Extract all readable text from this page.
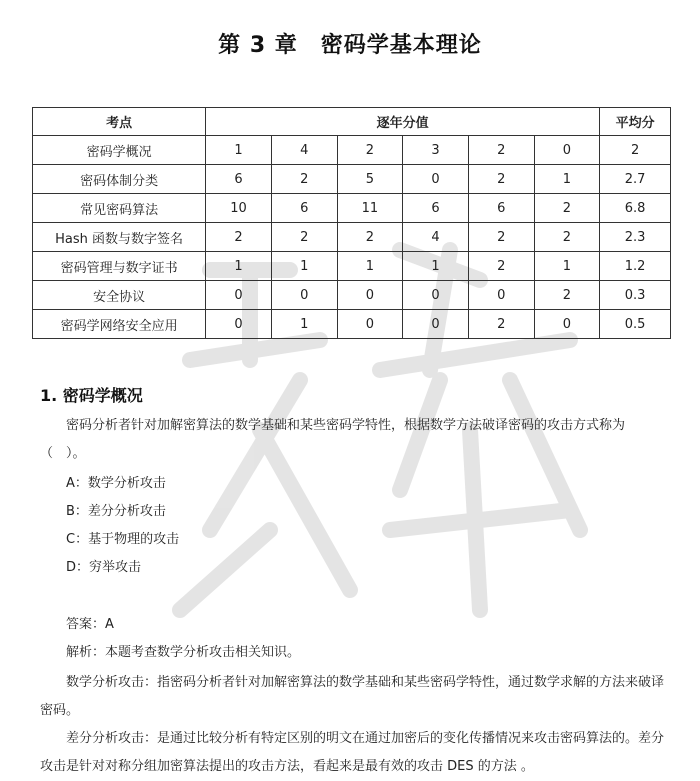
第 3 章　密码学基本理论
考点	逐年分值						平均分
密码学概况	1	4	2	3	2	0	2
密码体制分类	6	2	5	0	2	1	2.7
常见密码算法	10	6	11	6	6	2	6.8
Hash 函数与数字签名	2	2	2	4	2	2	2.3
密码管理与数字证书	1	1	1	1	2	1	1.2
安全协议	0	0	0	0	0	2	0.3
密码学网络安全应用	0	1	0	0	2	0	0.5
1. 密码学概况

密码分析者针对加解密算法的数学基础和某些密码学特性，根据数学方法破译密码的攻击方式称为（　）。

A：数学分析攻击

B：差分分析攻击

C：基于物理的攻击

D：穷举攻击

答案：A

解析：本题考查数学分析攻击相关知识。

数学分析攻击：指密码分析者针对加解密算法的数学基础和某些密码学特性，通过数学求解的方法来破译密码。

差分分析攻击：是通过比较分析有特定区别的明文在通过加密后的变化传播情况来攻击密码算法的。差分攻击是针对对称分组加密算法提出的攻击方法，看起来是最有效的攻击 DES 的方法 。
